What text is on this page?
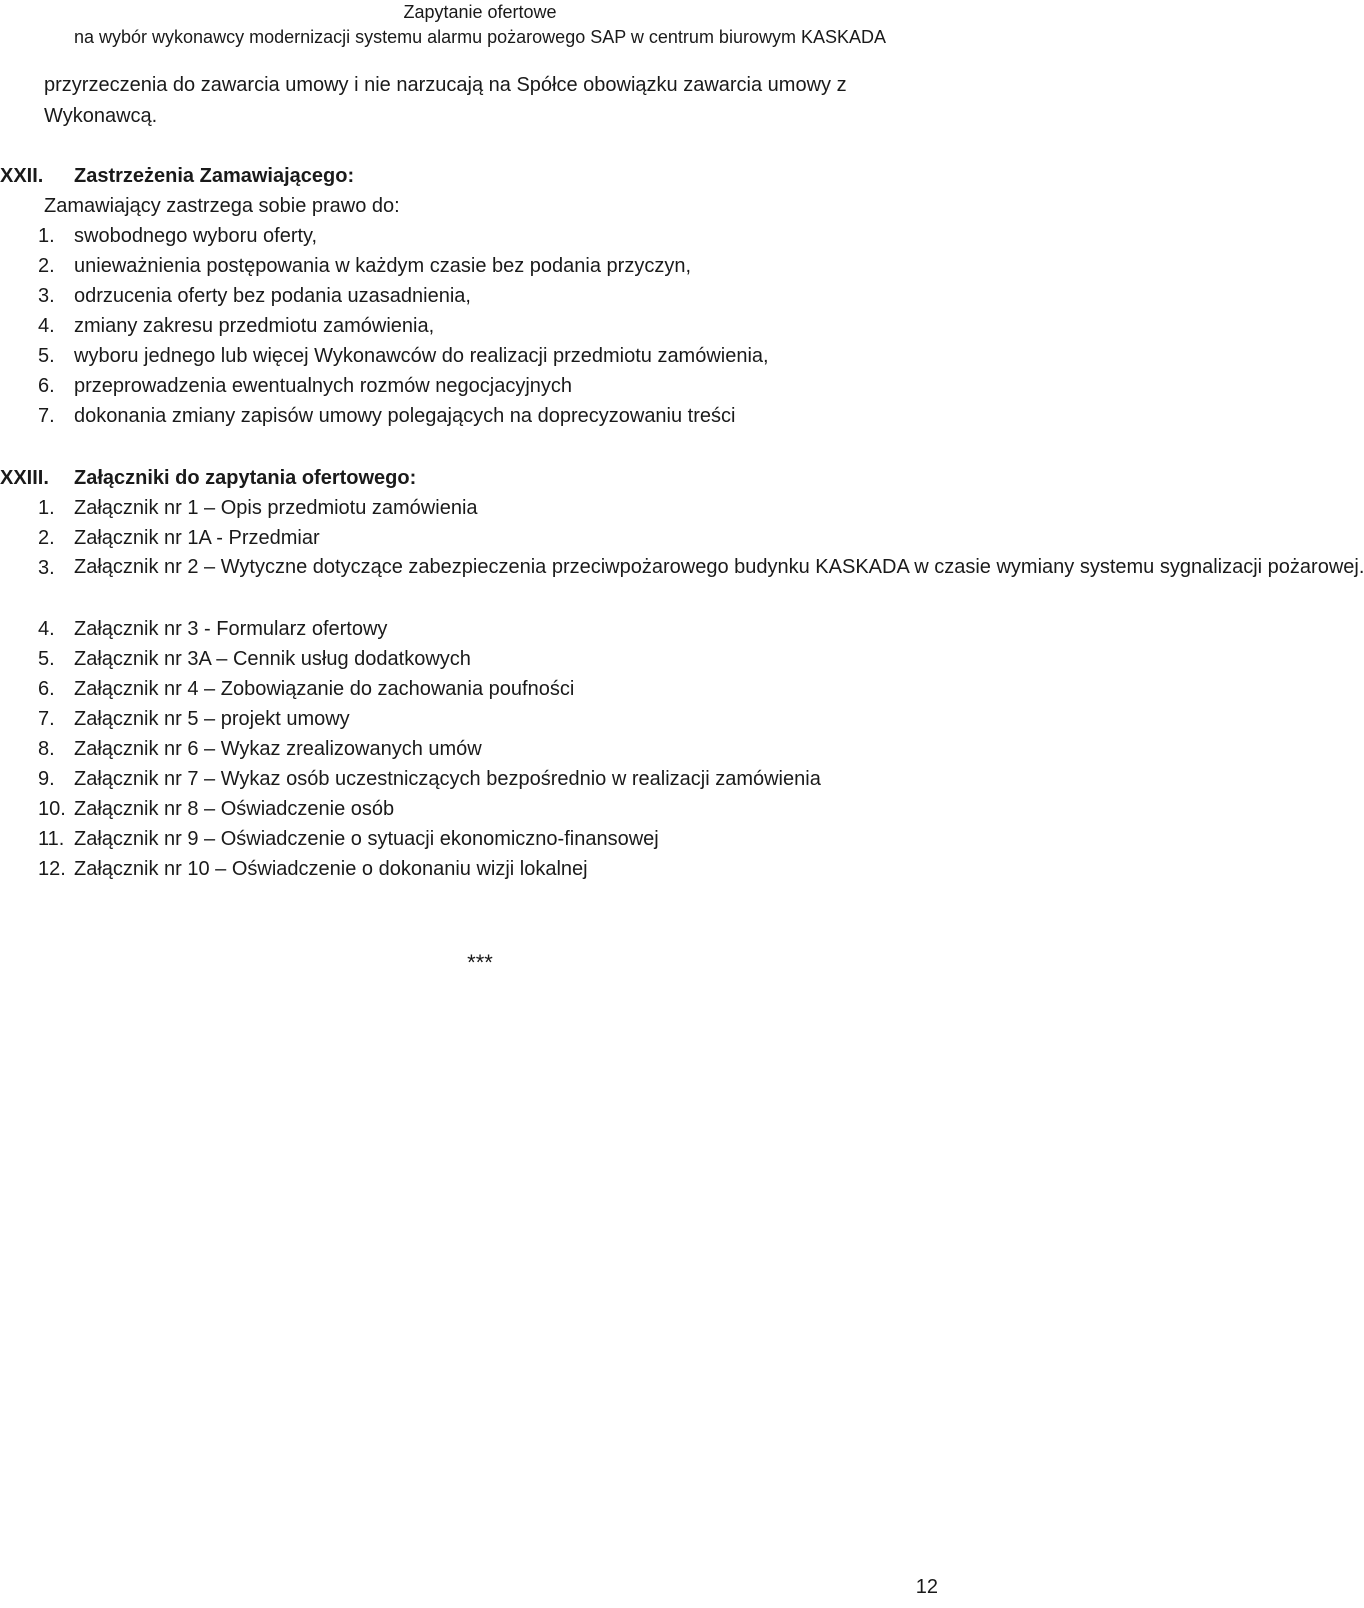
Zapytanie ofertowe
na wybór wykonawcy modernizacji systemu alarmu pożarowego SAP w centrum biurowym KASKADA
przyrzeczenia do zawarcia umowy i nie narzucają na Spółce obowiązku zawarcia umowy z Wykonawcą.
XXII. Zastrzeżenia Zamawiającego:
Zamawiający zastrzega sobie prawo do:
1. swobodnego wyboru oferty,
2. unieważnienia postępowania w każdym czasie bez podania przyczyn,
3. odrzucenia oferty bez podania uzasadnienia,
4. zmiany zakresu przedmiotu zamówienia,
5. wyboru jednego lub więcej Wykonawców do realizacji przedmiotu zamówienia,
6. przeprowadzenia ewentualnych rozmów negocjacyjnych
7. dokonania zmiany zapisów umowy polegających na doprecyzowaniu treści
XXIII. Załączniki do zapytania ofertowego:
1. Załącznik nr 1 – Opis przedmiotu zamówienia
2. Załącznik nr 1A - Przedmiar
3. Załącznik nr 2 – Wytyczne dotyczące zabezpieczenia przeciwpożarowego budynku KASKADA w czasie wymiany systemu sygnalizacji pożarowej.
4. Załącznik nr 3 - Formularz ofertowy
5. Załącznik nr 3A – Cennik usług dodatkowych
6. Załącznik nr 4 – Zobowiązanie do zachowania poufności
7. Załącznik nr 5 – projekt umowy
8. Załącznik nr 6 – Wykaz zrealizowanych umów
9. Załącznik nr 7 – Wykaz osób uczestniczących bezpośrednio w realizacji zamówienia
10. Załącznik nr 8 – Oświadczenie osób
11. Załącznik nr 9 – Oświadczenie o sytuacji ekonomiczno-finansowej
12. Załącznik nr 10 – Oświadczenie o dokonaniu wizji lokalnej
***
12
